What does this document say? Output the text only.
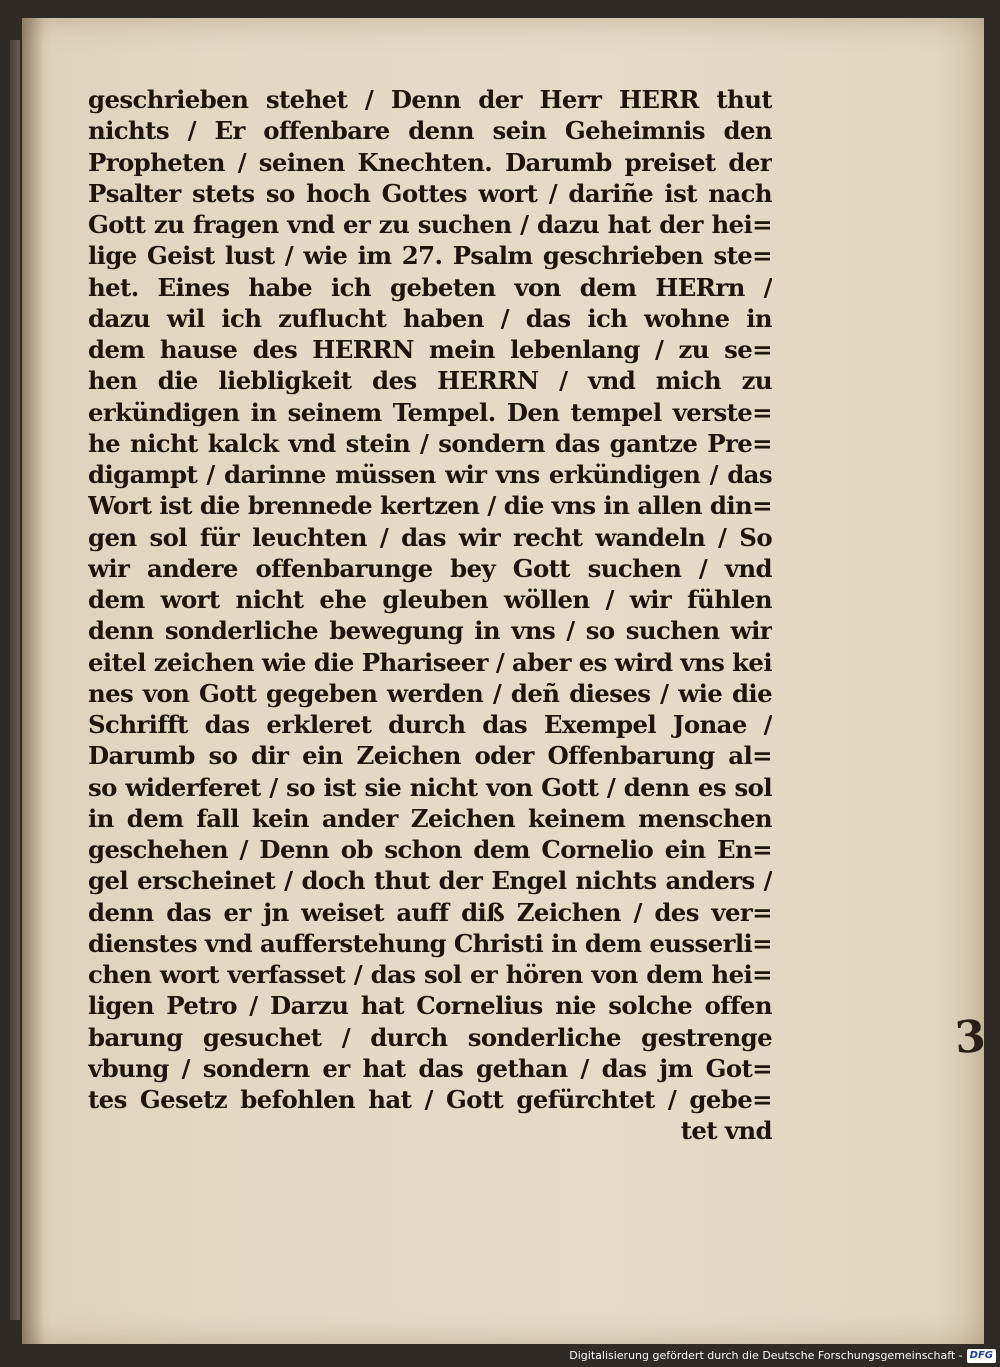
geschrieben stehet / Denn der Herr HERR thut
nichts / Er offenbare denn sein Geheimnis den
Propheten / seinen Knechten. Darumb preiset der
Psalter stets so hoch Gottes wort / dariñe ist nach
Gott zu fragen vnd er zu suchen / dazu hat der hei=
lige Geist lust / wie im 27. Psalm geschrieben ste=
het. Eines habe ich gebeten von dem HERrn /
dazu wil ich zuflucht haben / das ich wohne in
dem hause des HERRN mein lebenlang / zu se=
hen die liebligkeit des HERRN / vnd mich zu
erkündigen in seinem Tempel. Den tempel verste=
he nicht kalck vnd stein / sondern das gantze Pre=
digampt / darinne müssen wir vns erkündigen / das
Wort ist die brennede kertzen / die vns in allen din=
gen sol für leuchten / das wir recht wandeln / So
wir andere offenbarunge bey Gott suchen / vnd
dem wort nicht ehe gleuben wöllen / wir fühlen
denn sonderliche bewegung in vns / so suchen wir
eitel zeichen wie die Phariseer / aber es wird vns kei
nes von Gott gegeben werden / deñ dieses / wie die
Schrifft das erkleret durch das Exempel Jonae /
Darumb so dir ein Zeichen oder Offenbarung al=
so widerferet / so ist sie nicht von Gott / denn es sol
in dem fall kein ander Zeichen keinem menschen
geschehen / Denn ob schon dem Cornelio ein En=
gel erscheinet / doch thut der Engel nichts anders /
denn das er jn weiset auff diß Zeichen / des ver=
dienstes vnd aufferstehung Christi in dem eusserli=
chen wort verfasset / das sol er hören von dem hei=
ligen Petro / Darzu hat Cornelius nie solche offen
barung gesuchet / durch sonderliche gestrenge
vbung / sondern er hat das gethan / das jm Got=
tes Gesetz befohlen hat / Gott gefürchtet / gebe=
tet vnd
3
Digitalisierung gefördert durch die Deutsche Forschungsgemeinschaft - DFG
